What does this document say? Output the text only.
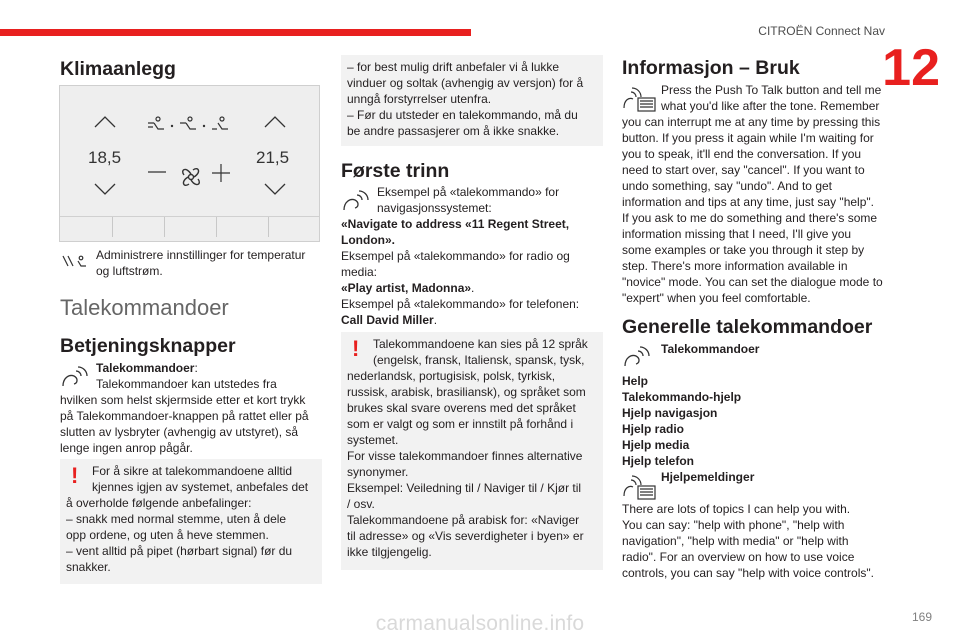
CITROËN Connect Nav
12
Klimaanlegg
18,5	21,5
Administrere innstillinger for temperatur og luftstrøm.
Talekommandoer
Betjeningsknapper
Talekommandoer:
Talekommandoer kan utstedes fra
hvilken som helst skjermside etter et kort trykk
på Talekommandoer-knappen på rattet eller på
slutten av lysbryter (avhengig av utstyret), så
lenge ingen anrop pågår.
! For å sikre at talekommandoene alltid
kjennes igjen av systemet, anbefales det
å overholde følgende anbefalinger:
– snakk med normal stemme, uten å dele
opp ordene, og uten å heve stemmen.
– vent alltid på pipet (hørbart signal) før du
snakker.
– for best mulig drift anbefaler vi å lukke
vinduer og soltak (avhengig av versjon) for å
unngå forstyrrelser utenfra.
– Før du utsteder en talekommando, må du
be andre passasjerer om å ikke snakke.
Første trinn
Eksempel på «talekommando» for
navigasjonssystemet:
«Navigate to address «11 Regent Street, London».
Eksempel på «talekommando» for radio og media:
«Play artist, Madonna».
Eksempel på «talekommando» for telefonen:
Call David Miller.
! Talekommandoene kan sies på 12 språk
(engelsk, fransk, Italiensk, spansk, tysk,
nederlandsk, portugisisk, polsk, tyrkisk,
russisk, arabisk, brasiliansk), og språket som
brukes skal svare overens med det språket
som er valgt og som er innstilt på forhånd i
systemet.
For visse talekommandoer finnes alternative
synonymer.
Eksempel: Veiledning til / Naviger til / Kjør til
/ osv.
Talekommandoene på arabisk for: «Naviger
til adresse» og «Vis severdigheter i byen» er
ikke tilgjengelig.
Informasjon – Bruk
Press the Push To Talk button and tell me
what you'd like after the tone. Remember
you can interrupt me at any time by pressing this
button. If you press it again while I'm waiting for
you to speak, it'll end the conversation. If you
need to start over, say "cancel". If you want to
undo something, say "undo". And to get
information and tips at any time, just say "help".
If you ask to me do something and there's some
information missing that I need, I'll give you
some examples or take you through it step by
step. There's more information available in
"novice" mode. You can set the dialogue mode to
"expert" when you feel comfortable.
Generelle talekommandoer
Talekommandoer
Help
Talekommando-hjelp
Hjelp navigasjon
Hjelp radio
Hjelp media
Hjelp telefon
Hjelpemeldinger
There are lots of topics I can help you with.
You can say: "help with phone", "help with
navigation", "help with media" or "help with
radio". For an overview on how to use voice
controls, you can say "help with voice controls".
169
carmanualsonline.info
